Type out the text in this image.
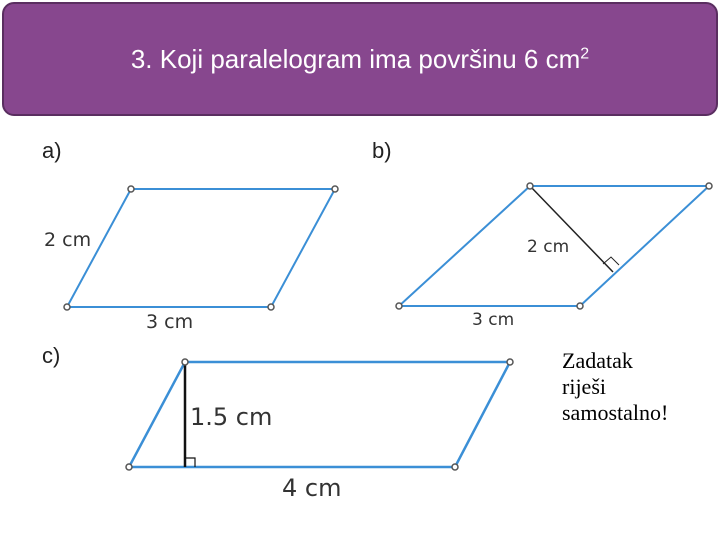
3. Koji paralelogram ima površinu 6 $cm^2$
a)	b)
c)
2 cm
3 cm
2 cm
3 cm
1.5 cm
4 cm
Zadatak
riješi
samostalno!
